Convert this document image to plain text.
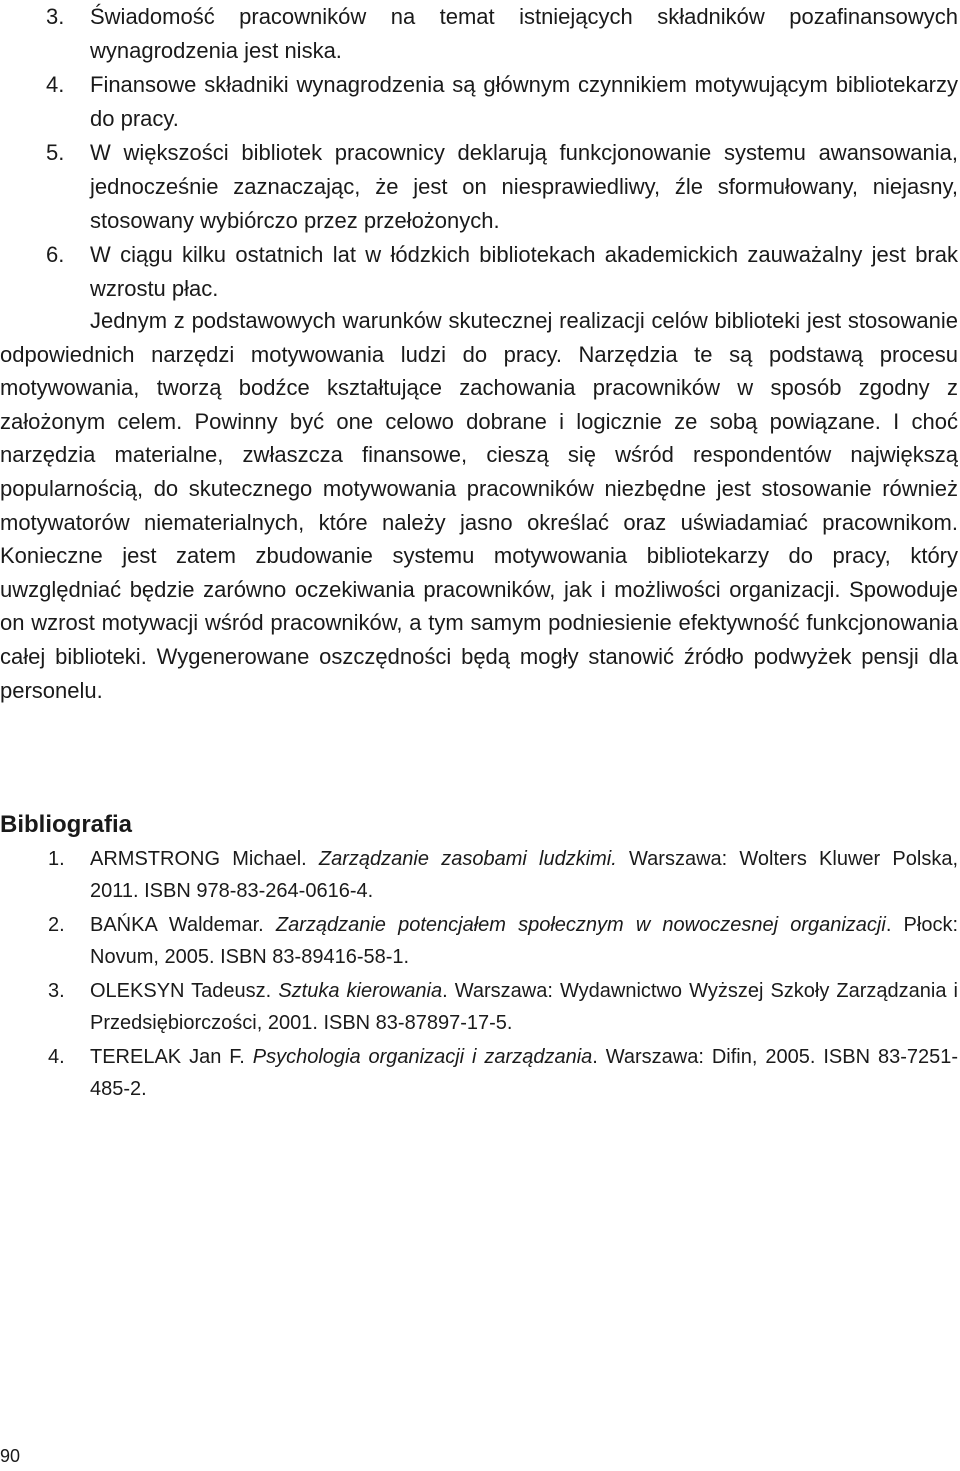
3. Świadomość pracowników na temat istniejących składników pozafinansowych wynagrodzenia jest niska.
4. Finansowe składniki wynagrodzenia są głównym czynnikiem motywującym bibliotekarzy do pracy.
5. W większości bibliotek pracownicy deklarują funkcjonowanie systemu awansowania, jednocześnie zaznaczając, że jest on niesprawiedliwy, źle sformułowany, niejasny, stosowany wybiórczo przez przełożonych.
6. W ciągu kilku ostatnich lat w łódzkich bibliotekach akademickich zauważalny jest brak wzrostu płac.

Jednym z podstawowych warunków skutecznej realizacji celów biblioteki jest stosowanie odpowiednich narzędzi motywowania ludzi do pracy. Narzędzia te są podstawą procesu motywowania, tworzą bodźce kształtujące zachowania pracowników w sposób zgodny z założonym celem. Powinny być one celowo dobrane i logicznie ze sobą powiązane. I choć narzędzia materialne, zwłaszcza finansowe, cieszą się wśród respondentów największą popularnością, do skutecznego motywowania pracowników niezbędne jest stosowanie również motywatorów niematerialnych, które należy jasno określać oraz uświadamiać pracownikom. Konieczne jest zatem zbudowanie systemu motywowania bibliotekarzy do pracy, który uwzględniać będzie zarówno oczekiwania pracowników, jak i możliwości organizacji. Spowoduje on wzrost motywacji wśród pracowników, a tym samym podniesienie efektywność funkcjonowania całej biblioteki. Wygenerowane oszczędności będą mogły stanowić źródło podwyżek pensji dla personelu.

Bibliografia
1. ARMSTRONG Michael. Zarządzanie zasobami ludzkimi. Warszawa: Wolters Kluwer Polska, 2011. ISBN 978-83-264-0616-4.
2. BAŃKA Waldemar. Zarządzanie potencjałem społecznym w nowoczesnej organizacji. Płock: Novum, 2005. ISBN 83-89416-58-1.
3. OLEKSYN Tadeusz. Sztuka kierowania. Warszawa: Wydawnictwo Wyższej Szkoły Zarządzania i Przedsiębiorczości, 2001. ISBN 83-87897-17-5.
4. TERELAK Jan F. Psychologia organizacji i zarządzania. Warszawa: Difin, 2005. ISBN 83-7251-485-2.
90
